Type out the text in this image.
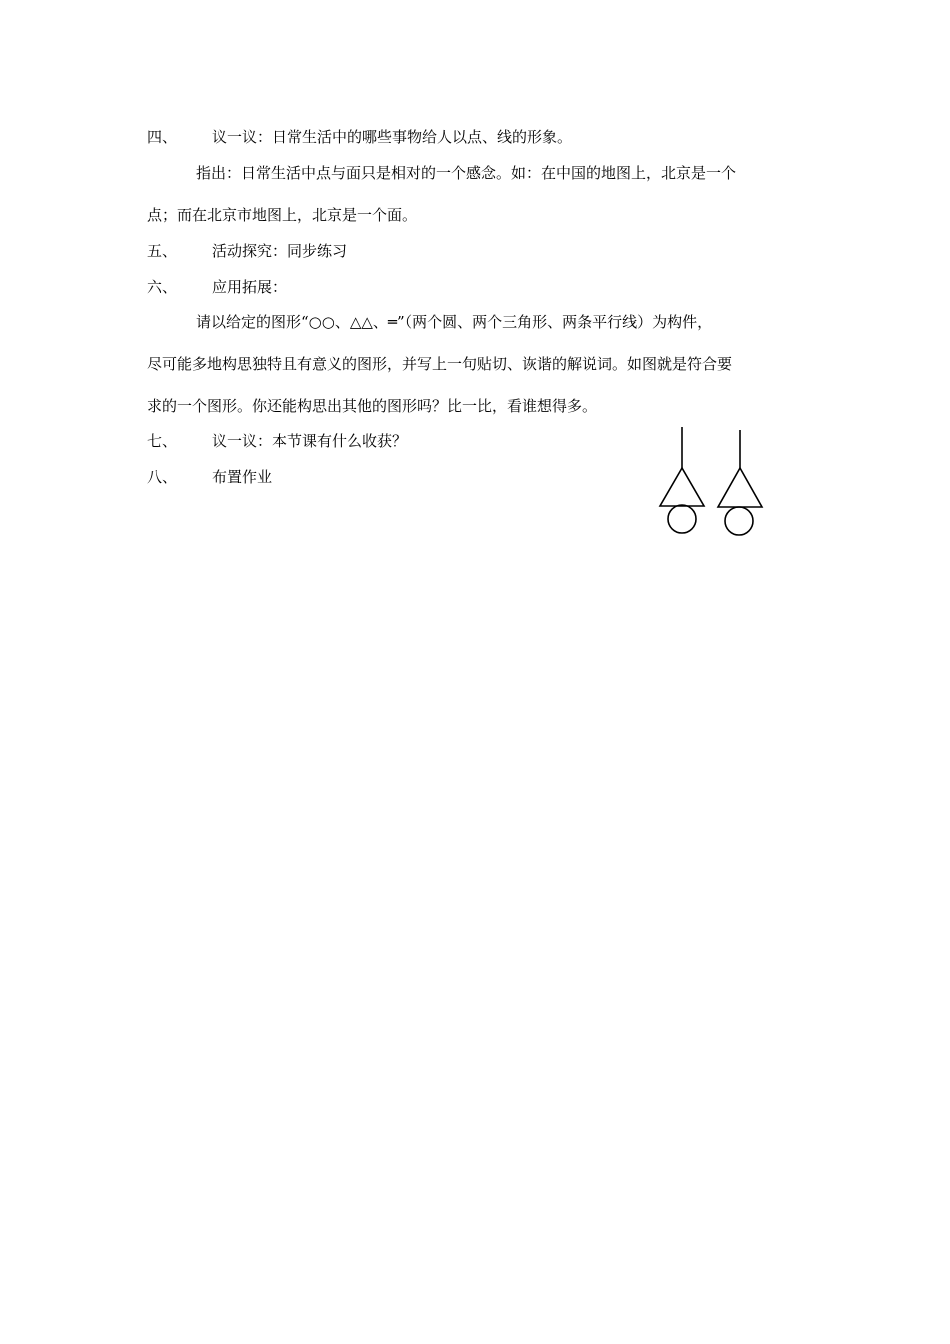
四、 议一议：日常生活中的哪些事物给人以点、线的形象。
指出：日常生活中点与面只是相对的一个感念。如：在中国的地图上，北京是一个
点；而在北京市地图上，北京是一个面。
五、 活动探究：同步练习
六、 应用拓展：
请以给定的图形“○○、△△、═”（两个圆、两个三角形、两条平行线）为构件，
尽可能多地构思独特且有意义的图形，并写上一句贴切、诙谐的解说词。如图就是符合要
求的一个图形。你还能构思出其他的图形吗？比一比，看谁想得多。
七、 议一议：本节课有什么收获？
八、 布置作业
